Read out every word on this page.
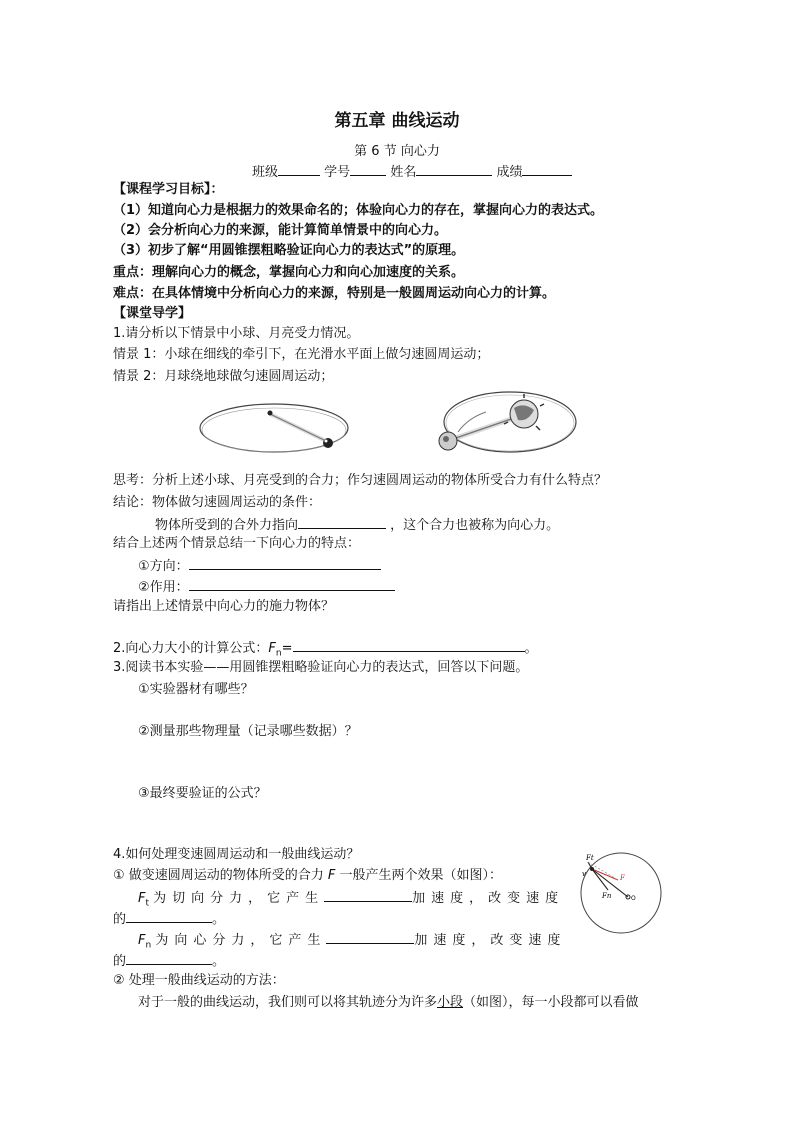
第五章 曲线运动
第 6 节 向心力
班级	学号	姓名	成绩
【课程学习目标】：
（1）知道向心力是根据力的效果命名的；体验向心力的存在，掌握向心力的表达式。
（2）会分析向心力的来源，能计算简单情景中的向心力。
（3）初步了解“用圆锥摆粗略验证向心力的表达式”的原理。
重点：理解向心力的概念，掌握向心力和向心加速度的关系。
难点：在具体情境中分析向心力的来源，特别是一般圆周运动向心力的计算。
【课堂导学】
1.请分析以下情景中小球、月亮受力情况。
情景 1：小球在细线的牵引下，在光滑水平面上做匀速圆周运动；
情景 2：月球绕地球做匀速圆周运动；
思考：分析上述小球、月亮受到的合力；作匀速圆周运动的物体所受合力有什么特点？
结论：物体做匀速圆周运动的条件：
物体所受到的合外力指向	，这个合力也被称为向心力。
结合上述两个情景总结一下向心力的特点：
①方向：
②作用：
请指出上述情景中向心力的施力物体？
2.向心力大小的计算公式：$F_n=$	。
3.阅读书本实验——用圆锥摆粗略验证向心力的表达式，回答以下问题。
①实验器材有哪些？
②测量那些物理量（记录哪些数据）？
③最终要验证的公式？
4.如何处理变速圆周运动和一般曲线运动？
① 做变速圆周运动的物体所受的合力 F 一般产生两个效果（如图）：
$F_t$ 为切向分力，它产生	加速度，改变速度
的	。
$F_n$ 为向心分力，它产生	加速度，改变速度
的	。
② 处理一般曲线运动的方法：
对于一般的曲线运动，我们则可以将其轨迹分为许多小段（如图），每一小段都可以看做
Ft
v	F
Fn	O
